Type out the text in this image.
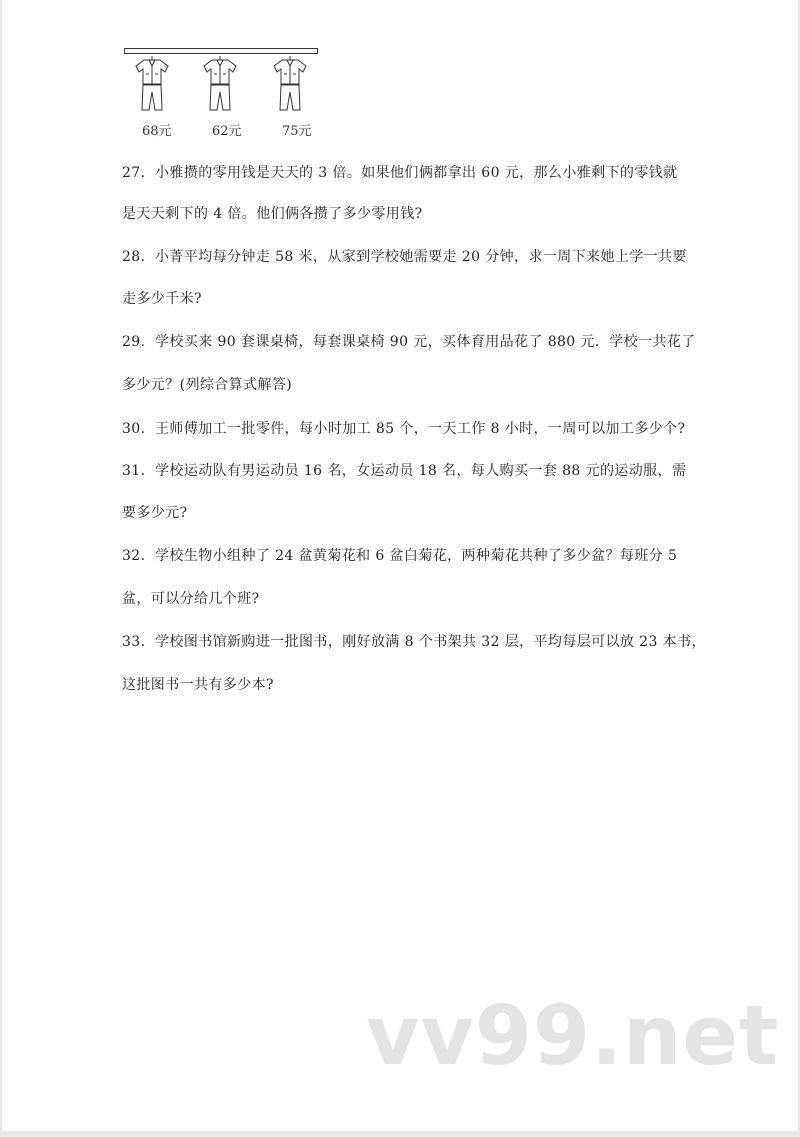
68元	62元	75元
27．小雅攒的零用钱是天天的 3 倍。如果他们俩都拿出 60 元，那么小雅剩下的零钱就
是天天剩下的 4 倍。他们俩各攒了多少零用钱?
28．小菁平均每分钟走 58 米，从家到学校她需要走 20 分钟，求一周下来她上学一共要
走多少千米?
29．学校买来 90 套课桌椅，每套课桌椅 90 元，买体育用品花了 880 元．学校一共花了
多少元？(列综合算式解答)
30．王师傅加工一批零件，每小时加工 85 个，一天工作 8 小时，一周可以加工多少个?
31．学校运动队有男运动员 16 名，女运动员 18 名，每人购买一套 88 元的运动服，需
要多少元?
32．学校生物小组种了 24 盆黄菊花和 6 盆白菊花，两种菊花共种了多少盆？每班分 5
盆，可以分给几个班?
33．学校图书馆新购进一批图书，刚好放满 8 个书架共 32 层，平均每层可以放 23 本书，
这批图书一共有多少本?
vv99.net
